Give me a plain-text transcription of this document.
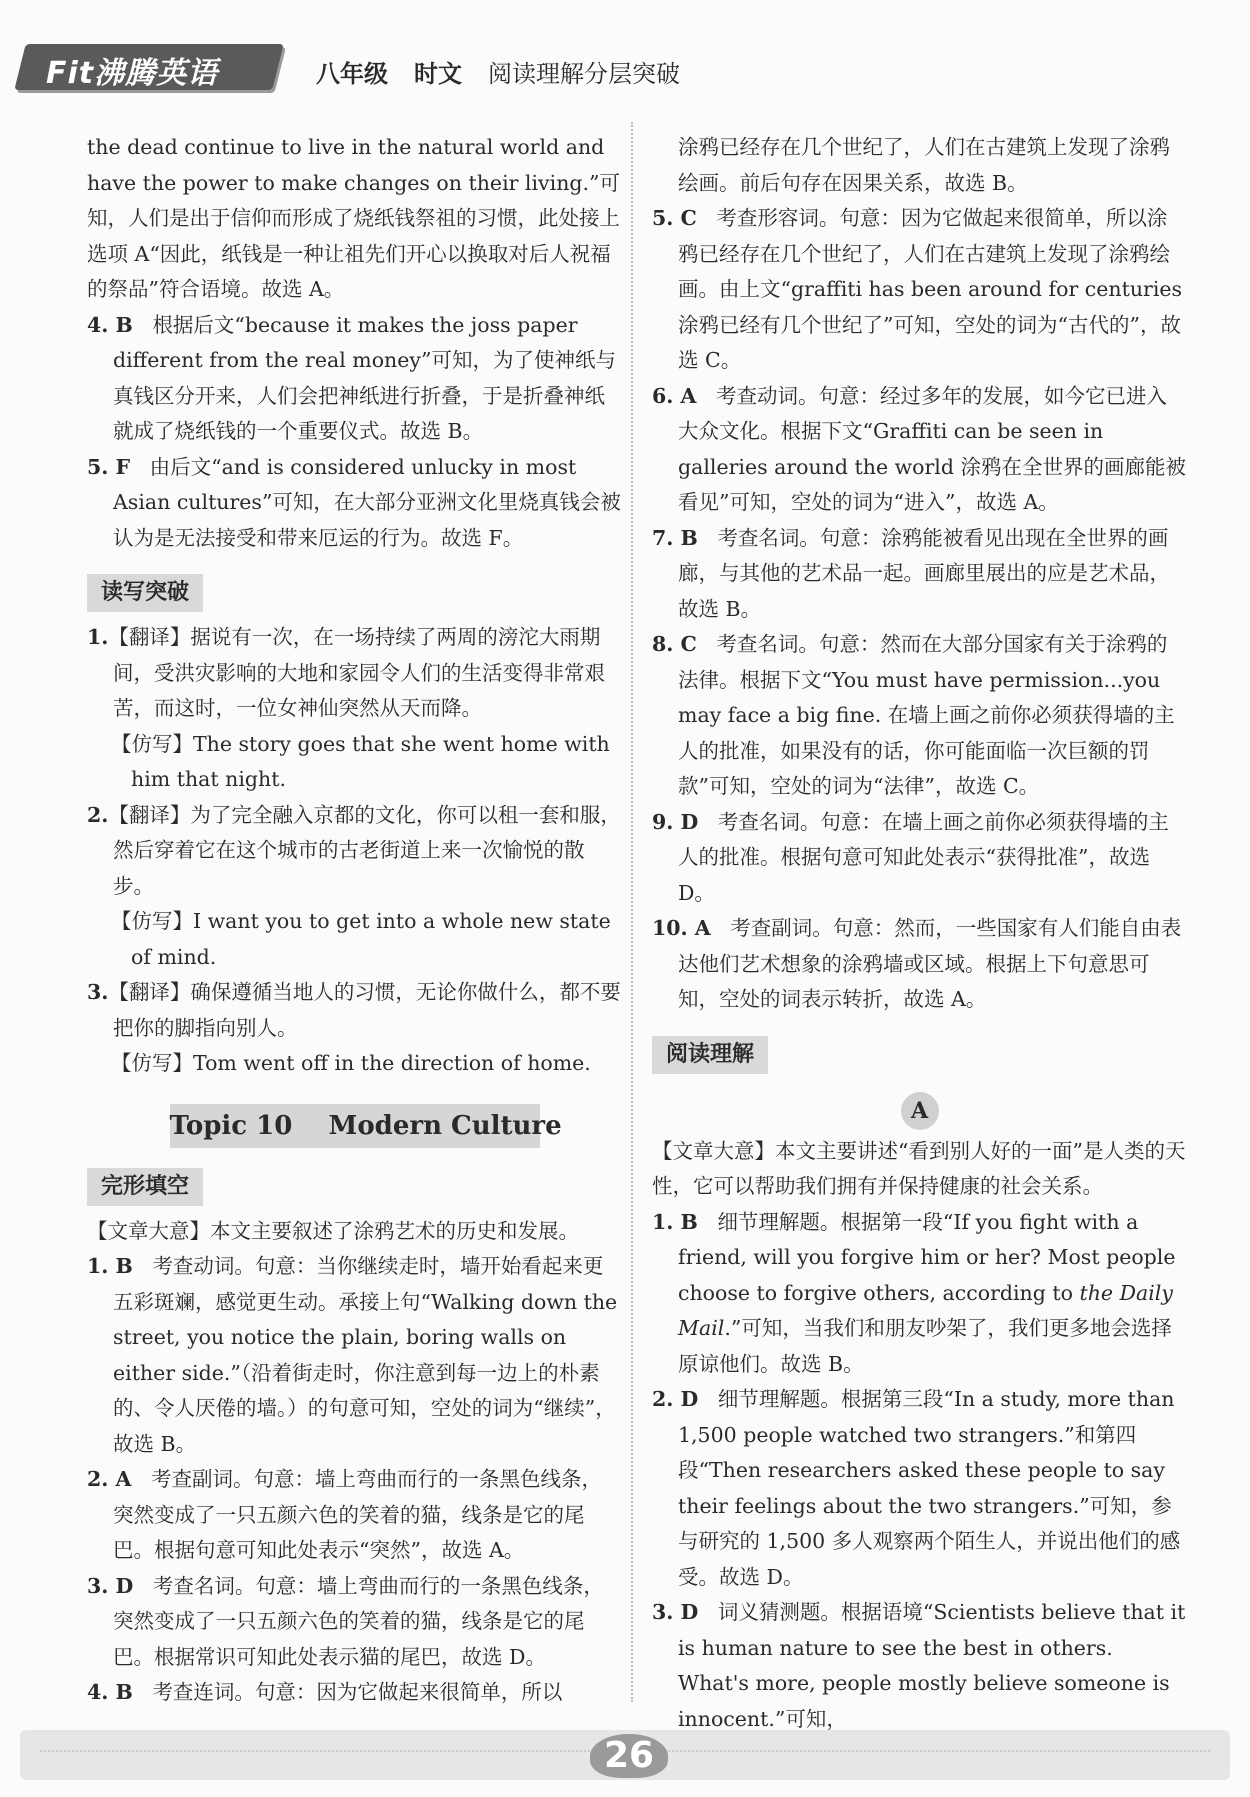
Fit沸腾英语	八年级 时文 阅读理解分层突破

the dead continue to live in the natural world and have the power to make changes on their living.”可知，人们是出于信仰而形成了烧纸钱祭祖的习惯，此处接上选项 A“因此，纸钱是一种让祖先们开心以换取对后人祝福的祭品”符合语境。故选 A。

4. B 根据后文“because it makes the joss paper different from the real money”可知，为了使神纸与真钱区分开来，人们会把神纸进行折叠，于是折叠神纸就成了烧纸钱的一个重要仪式。故选 B。

5. F 由后文“and is considered unlucky in most Asian cultures”可知，在大部分亚洲文化里烧真钱会被认为是无法接受和带来厄运的行为。故选 F。

读写突破

1.【翻译】据说有一次，在一场持续了两周的滂沱大雨期间，受洪灾影响的大地和家园令人们的生活变得非常艰苦，而这时，一位女神仙突然从天而降。

【仿写】The story goes that she went home with him that night.

2.【翻译】为了完全融入京都的文化，你可以租一套和服，然后穿着它在这个城市的古老街道上来一次愉悦的散步。

【仿写】I want you to get into a whole new state of mind.

3.【翻译】确保遵循当地人的习惯，无论你做什么，都不要把你的脚指向别人。

【仿写】Tom went off in the direction of home.

Topic 10    Modern Culture
完形填空

【文章大意】本文主要叙述了涂鸦艺术的历史和发展。

1. B 考查动词。句意：当你继续走时，墙开始看起来更五彩斑斓，感觉更生动。承接上句“Walking down the street, you notice the plain, boring walls on either side.”（沿着街走时，你注意到每一边上的朴素的、令人厌倦的墙。）的句意可知，空处的词为“继续”，故选 B。

2. A 考查副词。句意：墙上弯曲而行的一条黑色线条，突然变成了一只五颜六色的笑着的猫，线条是它的尾巴。根据句意可知此处表示“突然”，故选 A。

3. D 考查名词。句意：墙上弯曲而行的一条黑色线条，突然变成了一只五颜六色的笑着的猫，线条是它的尾巴。根据常识可知此处表示猫的尾巴，故选 D。

4. B 考查连词。句意：因为它做起来很简单，所以

涂鸦已经存在几个世纪了，人们在古建筑上发现了涂鸦绘画。前后句存在因果关系，故选 B。

5. C 考查形容词。句意：因为它做起来很简单，所以涂鸦已经存在几个世纪了，人们在古建筑上发现了涂鸦绘画。由上文“graffiti has been around for centuries 涂鸦已经有几个世纪了”可知，空处的词为“古代的”，故选 C。

6. A 考查动词。句意：经过多年的发展，如今它已进入大众文化。根据下文“Graffiti can be seen in galleries around the world 涂鸦在全世界的画廊能被看见”可知，空处的词为“进入”，故选 A。

7. B 考查名词。句意：涂鸦能被看见出现在全世界的画廊，与其他的艺术品一起。画廊里展出的应是艺术品，故选 B。

8. C 考查名词。句意：然而在大部分国家有关于涂鸦的法律。根据下文“You must have permission...you may face a big fine. 在墙上画之前你必须获得墙的主人的批准，如果没有的话，你可能面临一次巨额的罚款”可知，空处的词为“法律”，故选 C。

9. D 考查名词。句意：在墙上画之前你必须获得墙的主人的批准。根据句意可知此处表示“获得批准”，故选 D。

10. A 考查副词。句意：然而，一些国家有人们能自由表达他们艺术想象的涂鸦墙或区域。根据上下句意思可知，空处的词表示转折，故选 A。

阅读理解
A

【文章大意】本文主要讲述“看到别人好的一面”是人类的天性，它可以帮助我们拥有并保持健康的社会关系。

1. B 细节理解题。根据第一段“If you fight with a friend, will you forgive him or her? Most people choose to forgive others, according to the Daily Mail.”可知，当我们和朋友吵架了，我们更多地会选择原谅他们。故选 B。

2. D 细节理解题。根据第三段“In a study, more than 1,500 people watched two strangers.”和第四段“Then researchers asked these people to say their feelings about the two strangers.”可知，参与研究的 1,500 多人观察两个陌生人，并说出他们的感受。故选 D。

3. D 词义猜测题。根据语境“Scientists believe that it is human nature to see the best in others. What's more, people mostly believe someone is innocent.”可知，

26
